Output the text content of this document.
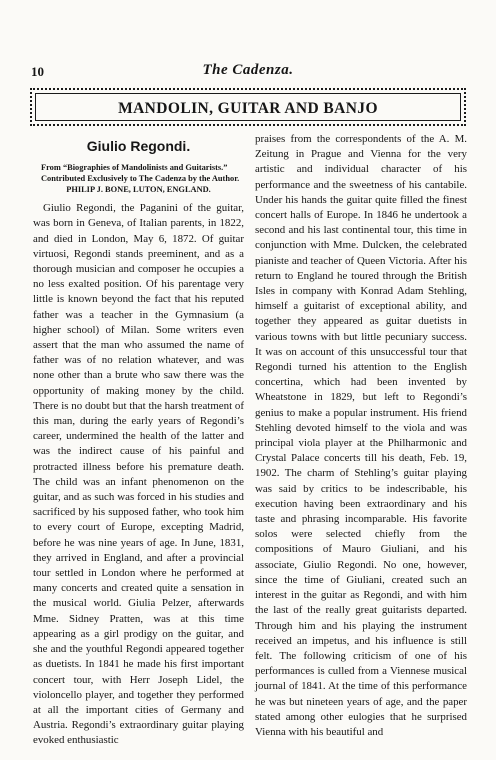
10	The Cadenza.
MANDOLIN, GUITAR AND BANJO
Giulio Regondi.
From “Biographies of Mandolinists and Guitarists.”
Contributed Exclusively to The Cadenza by the Author.
PHILIP J. BONE, LUTON, ENGLAND.

Giulio Regondi, the Paganini of the guitar, was born in Geneva, of Italian parents, in 1822, and died in London, May 6, 1872. Of guitar virtuosi, Regondi stands preeminent, and as a thorough musician and composer he occupies a no less exalted position. Of his parentage very little is known beyond the fact that his reputed father was a teacher in the Gymnasium (a higher school) of Milan. Some writers even assert that the man who assumed the name of father was of no relation whatever, and was none other than a brute who saw there was the opportunity of making money by the child. There is no doubt but that the harsh treatment of this man, during the early years of Regondi’s career, undermined the health of the latter and was the indirect cause of his painful and protracted illness before his premature death. The child was an infant phenomenon on the guitar, and as such was forced in his studies and sacrificed by his supposed father, who took him to every court of Europe, excepting Madrid, before he was nine years of age. In June, 1831, they arrived in England, and after a provincial tour settled in London where he performed at many concerts and created quite a sensation in the musical world. Giulia Pelzer, afterwards Mme. Sidney Pratten, was at this time appearing as a girl prodigy on the guitar, and she and the youthful Regondi appeared together as duetists. In 1841 he made his first important concert tour, with Herr Joseph Lidel, the violoncello player, and together they performed at all the important cities of Germany and Austria. Regondi’s extraordinary guitar playing evoked enthusiastic

praises from the correspondents of the A. M. Zeitung in Prague and Vienna for the very artistic and individual character of his performance and the sweetness of his cantabile. Under his hands the guitar quite filled the finest concert halls of Europe. In 1846 he undertook a second and his last continental tour, this time in conjunction with Mme. Dulcken, the celebrated pianiste and teacher of Queen Victoria. After his return to England he toured through the British Isles in company with Konrad Adam Stehling, himself a guitarist of exceptional ability, and together they appeared as guitar duetists in various towns with but little pecuniary success. It was on account of this unsuccessful tour that Regondi turned his attention to the English concertina, which had been invented by Wheatstone in 1829, but left to Regondi’s genius to make a popular instrument. His friend Stehling devoted himself to the viola and was principal viola player at the Philharmonic and Crystal Palace concerts till his death, Feb. 19, 1902. The charm of Stehling’s guitar playing was said by critics to be indescribable, his execution having been extraordinary and his taste and phrasing incomparable. His favorite solos were selected chiefly from the compositions of Mauro Giuliani, and his associate, Giulio Regondi. No one, however, since the time of Giuliani, created such an interest in the guitar as Regondi, and with him the last of the really great guitarists departed. Through him and his playing the instrument received an impetus, and his influence is still felt. The following criticism of one of his performances is culled from a Viennese musical journal of 1841. At the time of this performance he was but nineteen years of age, and the paper stated among other eulogies that he surprised Vienna with his beautiful and
